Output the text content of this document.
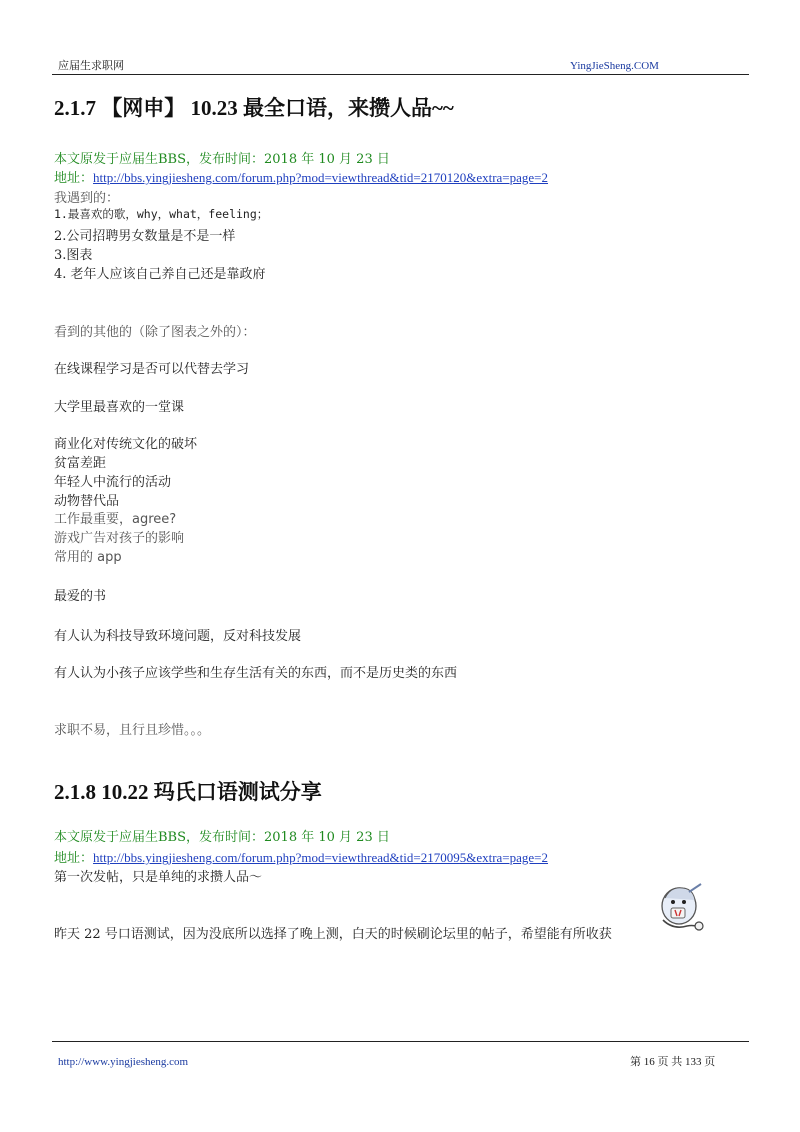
应届生求职网	YingJieSheng.COM
2.1.7 【网申】 10.23 最全口语，来攒人品~~
本文原发于应届生BBS，发布时间：2018 年 10 月 23 日
地址：http://bbs.yingjiesheng.com/forum.php?mod=viewthread&tid=2170120&extra=page=2
我遇到的：
1.最喜欢的歌，why，what，feeling；
2.公司招聘男女数量是不是一样
3.图表
4. 老年人应该自己养自己还是靠政府
看到的其他的（除了图表之外的）：
在线课程学习是否可以代替去学习
大学里最喜欢的一堂课
商业化对传统文化的破坏
贫富差距
年轻人中流行的活动
动物替代品
工作最重要，agree?
游戏广告对孩子的影响
常用的 app
最爱的书
有人认为科技导致环境问题，反对科技发展
有人认为小孩子应该学些和生存生活有关的东西，而不是历史类的东西
求职不易，且行且珍惜。。。
2.1.8 10.22 玛氏口语测试分享
本文原发于应届生BBS，发布时间：2018 年 10 月 23 日
地址：http://bbs.yingjiesheng.com/forum.php?mod=viewthread&tid=2170095&extra=page=2
第一次发帖，只是单纯的求攒人品～
昨天 22 号口语测试，因为没底所以选择了晚上测，白天的时候刷论坛里的帖子，希望能有所收获
http://www.yingjiesheng.com	第 16 页 共 133 页
